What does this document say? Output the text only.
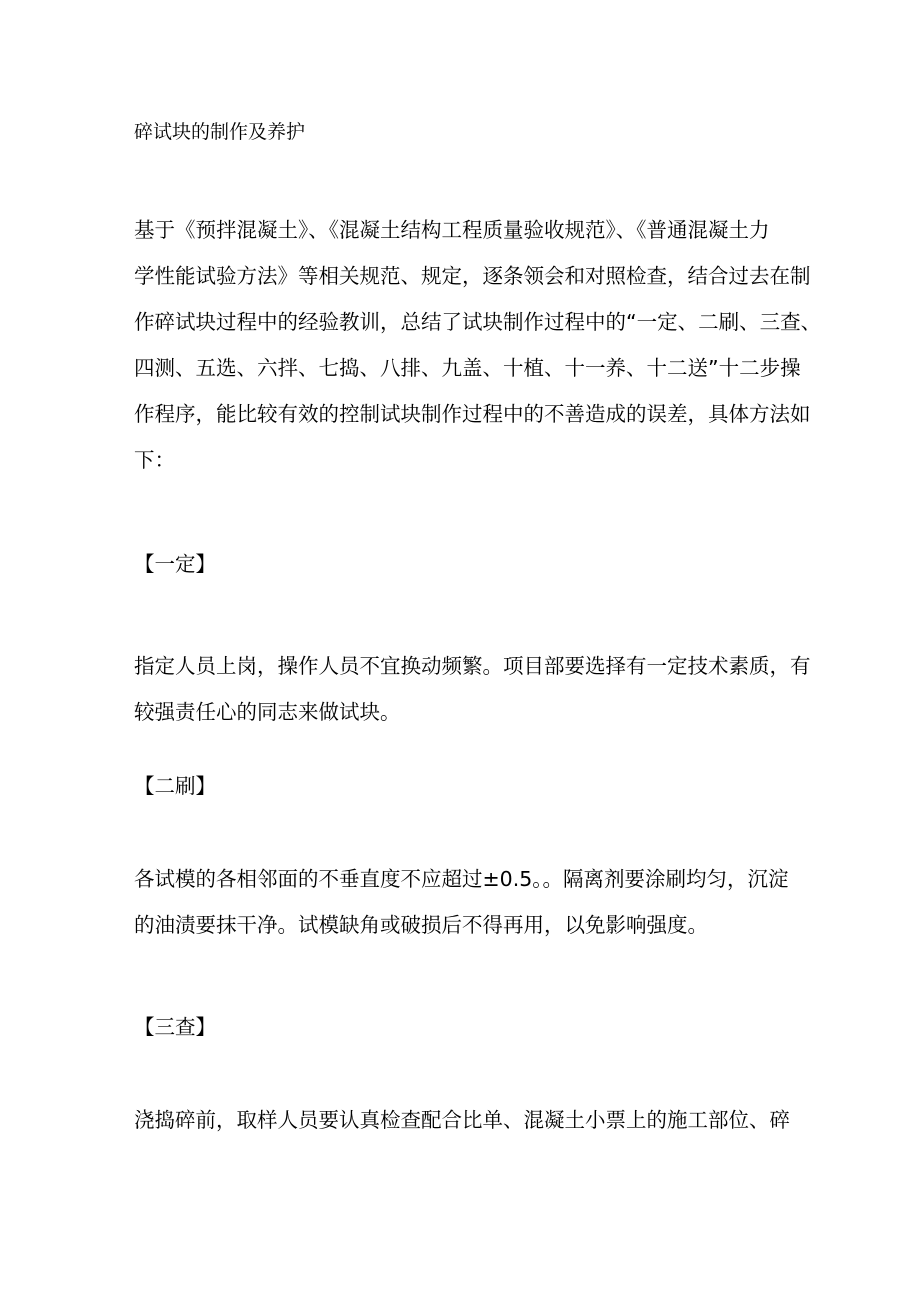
碎试块的制作及养护

基于《预拌混凝土》、《混凝土结构工程质量验收规范》、《普通混凝土力
学性能试验方法》等相关规范、规定，逐条领会和对照检查，结合过去在制
作碎试块过程中的经验教训，总结了试块制作过程中的“一定、二刷、三查、
四测、五选、六拌、七捣、八排、九盖、十植、十一养、十二送”十二步操
作程序，能比较有效的控制试块制作过程中的不善造成的误差，具体方法如
下：

【一定】

指定人员上岗，操作人员不宜换动频繁。项目部要选择有一定技术素质，有
较强责任心的同志来做试块。

【二刷】

各试模的各相邻面的不垂直度不应超过±0.5。。隔离剂要涂刷均匀，沉淀
的油渍要抹干净。试模缺角或破损后不得再用，以免影响强度。

【三查】

浇捣碎前，取样人员要认真检查配合比单、混凝土小票上的施工部位、碎
